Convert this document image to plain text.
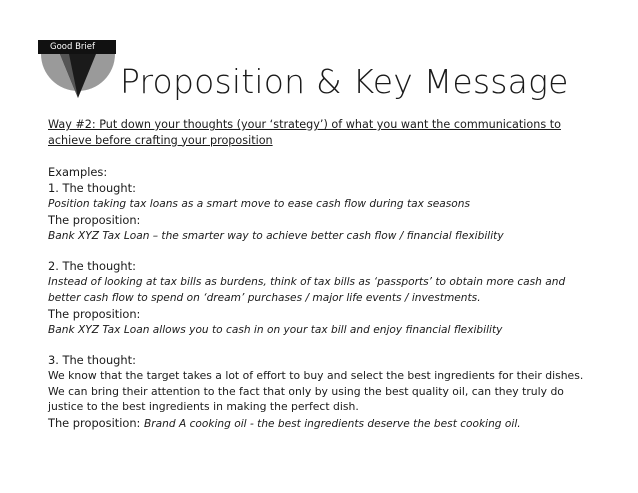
Good Brief
Proposition & Key Message
Way #2: Put down your thoughts (your ‘strategy’) of what you want the communications to achieve before crafting your proposition
Examples:
1. The thought:
Position taking tax loans as a smart move to ease cash flow during tax seasons
The proposition:
Bank XYZ Tax Loan – the smarter way to achieve better cash flow / financial flexibility
2. The thought:
Instead of looking at tax bills as burdens, think of tax bills as ‘passports’ to obtain more cash and better cash flow to spend on ‘dream’ purchases / major life events / investments.
The proposition:
Bank XYZ Tax Loan allows you to cash in on your tax bill and enjoy financial flexibility
3. The thought:
We know that the target takes a lot of effort to buy and select the best ingredients for their dishes. We can bring their attention to the fact that only by using the best quality oil, can they truly do justice to the best ingredients in making the perfect dish.
The proposition: Brand A cooking oil - the best ingredients deserve the best cooking oil.
